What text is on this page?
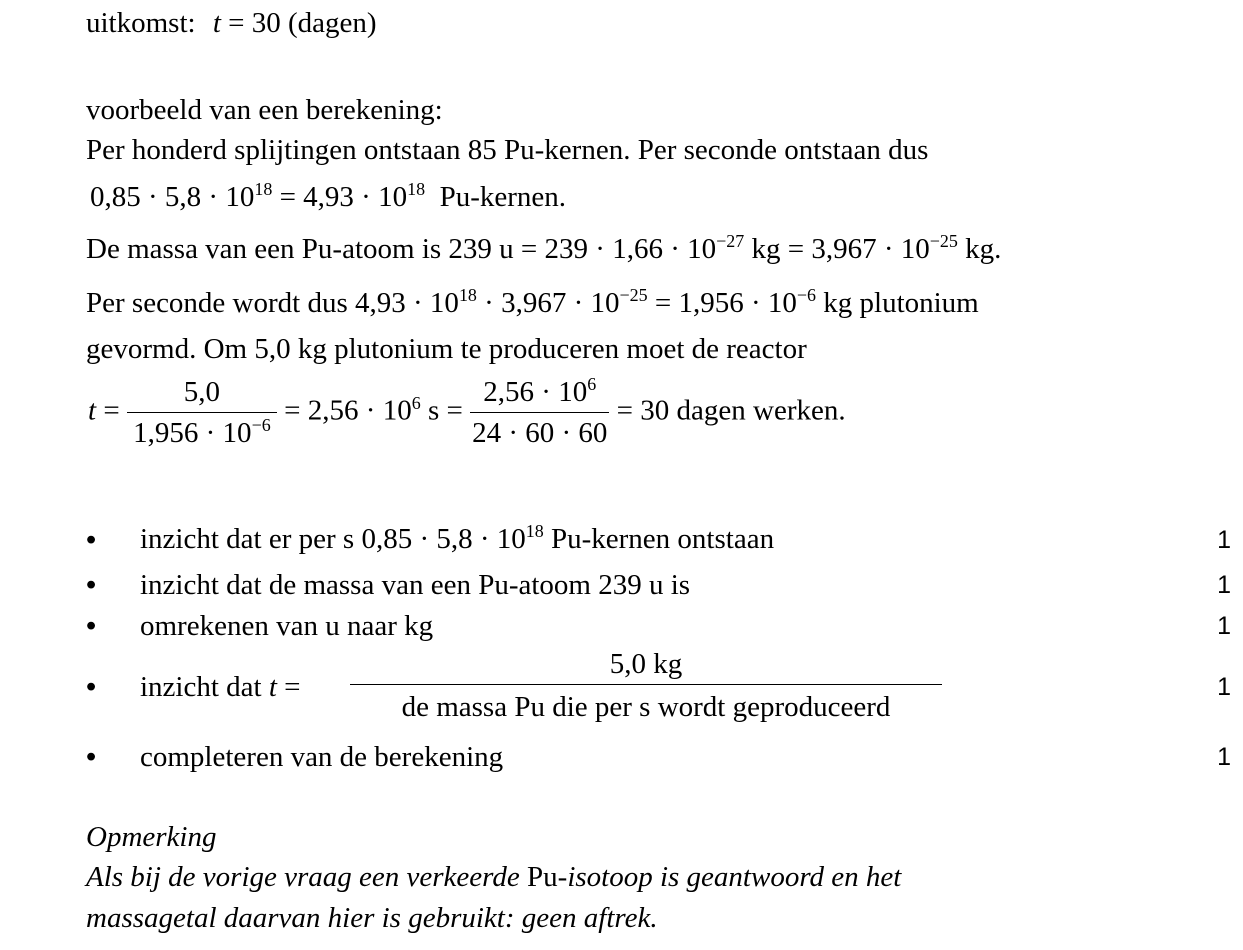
uitkomst: t = 30 (dagen)
voorbeeld van een berekening:
Per honderd splijtingen ontstaan 85 Pu-kernen. Per seconde ontstaan dus
$0,85 \cdot 5,8 \cdot 10^{18} = 4,93 \cdot 10^{18}$ Pu-kernen.
De massa van een Pu-atoom is 239 $u = 239 \cdot 1,66 \cdot 10^{-27}$ kg = $3,967 \cdot 10^{-25}$ kg.
Per seconde wordt dus $4,93 \cdot 10^{18} \cdot 3,967 \cdot 10^{-25} = 1,956 \cdot 10^{-6}$ kg plutonium
gevormd. Om 5,0 kg plutonium te produceren moet de reactor
$t = \frac{5,0}{1,956 \cdot 10^{-6}} = 2,56 \cdot 10^6$ $s = \frac{2,56 \cdot 10^6}{24 \cdot 60 \cdot 60} = 30$ dagen werken.
• inzicht dat er per s $0,85 \cdot 5,8 \cdot 10^{18}$ Pu-kernen ontstaan	1
• inzicht dat de massa van een Pu-atoom 239 u is	1
• omrekenen van u naar kg	1
• inzicht dat t =
5,0 kg
de massa Pu die per s wordt geproduceerd
1
• completeren van de berekening	1
Opmerking
Als bij de vorige vraag een verkeerde Pu-isotoop is geantwoord en het
massagetal daarvan hier is gebruikt: geen aftrek.
